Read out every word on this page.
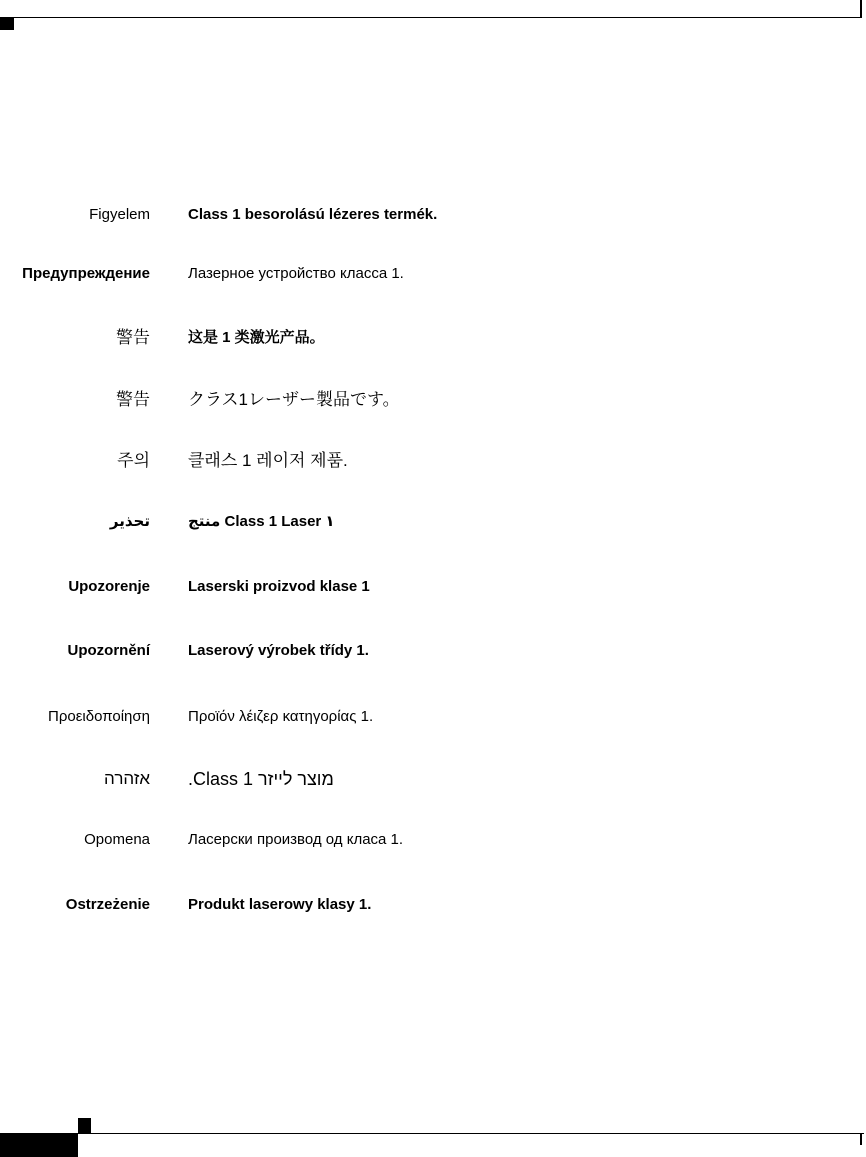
Figyelem	Class 1 besorolású lézeres termék.
Предупреждение	Лазерное устройство класса 1.
警告	这是 1 类激光产品。
警告 クラス1レーザー製品です。
주의 클래스 1 레이저 제품.
تحذير	منتج Class 1 Laser ١
Upozorenje	Laserski proizvod klase 1
Upozornění	Laserový výrobek třídy 1.
Προειδοποίηση	Προϊόν λέιζερ κατηγορίας 1.
אזהרה מוצר לייזר Class 1.
Opomena	Ласерски производ од класа 1.
Ostrzeżenie	Produkt laserowy klasy 1.
